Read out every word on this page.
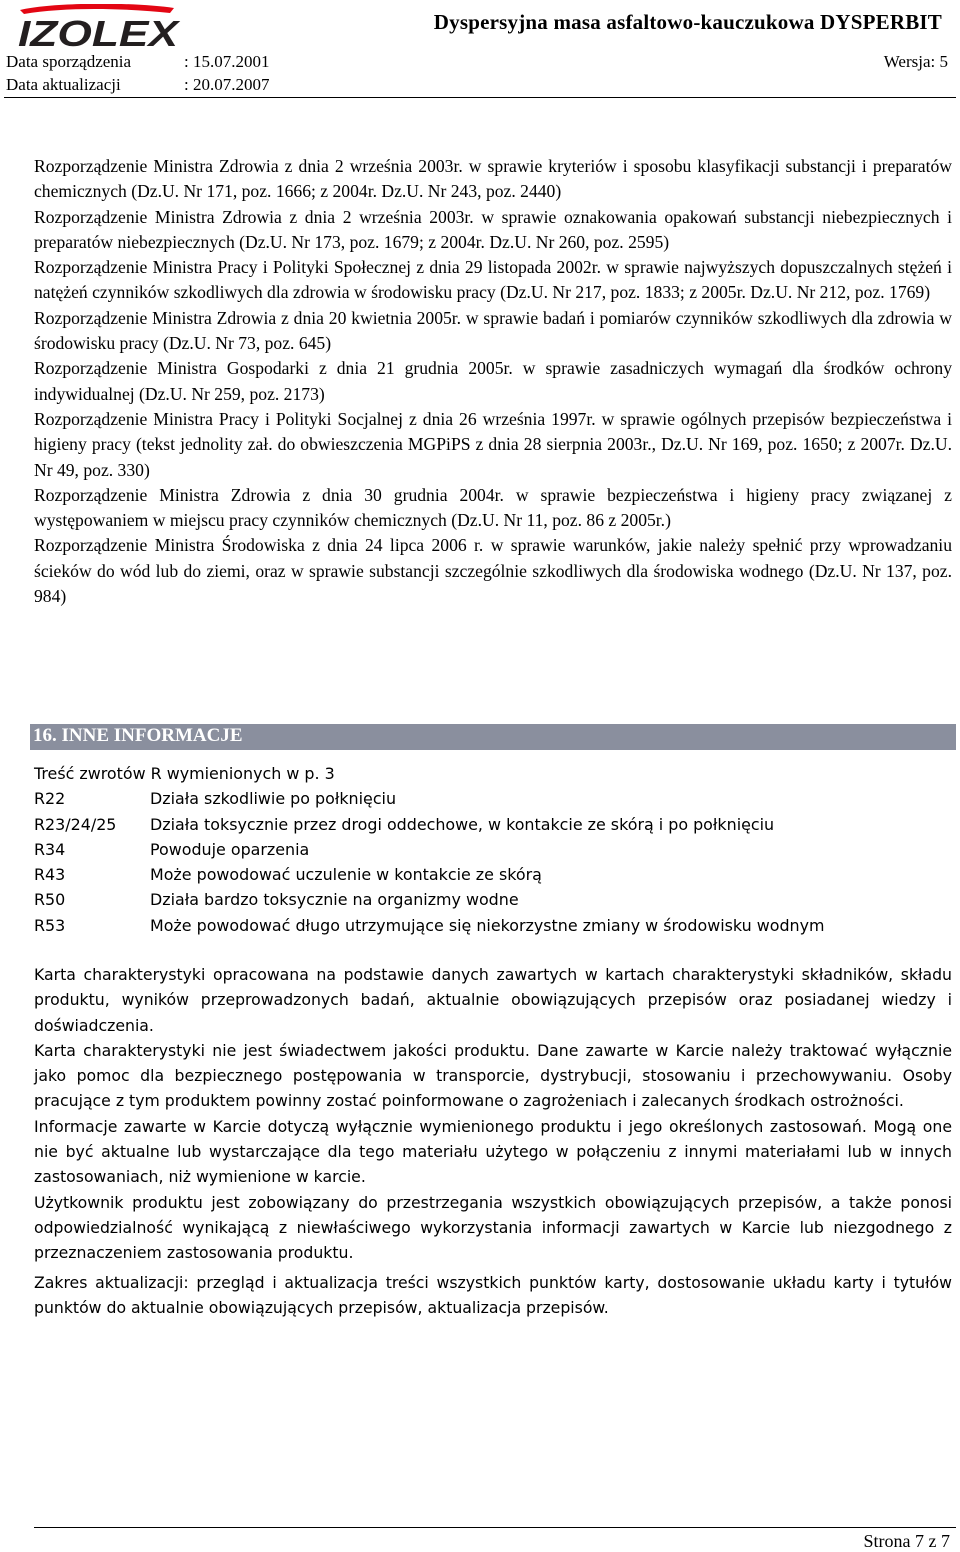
IZOLEX	Dyspersyjna masa asfaltowo-kauczukowa DYSPERBIT
Data sporządzenia	: 15.07.2001	Wersja: 5
Data aktualizacji	: 20.07.2007
Rozporządzenie Ministra Zdrowia z dnia 2 września 2003r. w sprawie kryteriów i sposobu klasyfikacji substancji i preparatów chemicznych (Dz.U. Nr 171, poz. 1666; z 2004r. Dz.U. Nr 243, poz. 2440)
Rozporządzenie Ministra Zdrowia z dnia 2 września 2003r. w sprawie oznakowania opakowań substancji niebezpiecznych i preparatów niebezpiecznych (Dz.U. Nr 173, poz. 1679; z 2004r. Dz.U. Nr 260, poz. 2595)
Rozporządzenie Ministra Pracy i Polityki Społecznej z dnia 29 listopada 2002r. w sprawie najwyższych dopuszczalnych stężeń i natężeń czynników szkodliwych dla zdrowia w środowisku pracy (Dz.U. Nr 217, poz. 1833; z 2005r. Dz.U. Nr 212, poz. 1769)
Rozporządzenie Ministra Zdrowia z dnia 20 kwietnia 2005r. w sprawie badań i pomiarów czynników szkodliwych dla zdrowia w środowisku pracy (Dz.U. Nr 73, poz. 645)
Rozporządzenie Ministra Gospodarki z dnia 21 grudnia 2005r. w sprawie zasadniczych wymagań dla środków ochrony indywidualnej (Dz.U. Nr 259, poz. 2173)
Rozporządzenie Ministra Pracy i Polityki Socjalnej z dnia 26 września 1997r. w sprawie ogólnych przepisów bezpieczeństwa i higieny pracy (tekst jednolity zał. do obwieszczenia MGPiPS z dnia 28 sierpnia 2003r., Dz.U. Nr 169, poz. 1650; z 2007r. Dz.U. Nr 49, poz. 330)
Rozporządzenie Ministra Zdrowia z dnia 30 grudnia 2004r. w sprawie bezpieczeństwa i higieny pracy związanej z występowaniem w miejscu pracy czynników chemicznych (Dz.U. Nr 11, poz. 86 z 2005r.)
Rozporządzenie Ministra Środowiska z dnia 24 lipca 2006 r. w sprawie warunków, jakie należy spełnić przy wprowadzaniu ścieków do wód lub do ziemi, oraz w sprawie substancji szczególnie szkodliwych dla środowiska wodnego (Dz.U. Nr 137, poz. 984)
16. INNE INFORMACJE
Treść zwrotów R wymienionych w p. 3
R22	Działa szkodliwie po połknięciu
R23/24/25	Działa toksycznie przez drogi oddechowe, w kontakcie ze skórą i po połknięciu
R34	Powoduje oparzenia
R43	Może powodować uczulenie w kontakcie ze skórą
R50	Działa bardzo toksycznie na organizmy wodne
R53	Może powodować długo utrzymujące się niekorzystne zmiany w środowisku wodnym
Karta charakterystyki opracowana na podstawie danych zawartych w kartach charakterystyki składników, składu produktu, wyników przeprowadzonych badań, aktualnie obowiązujących przepisów oraz posiadanej wiedzy i doświadczenia.
Karta charakterystyki nie jest świadectwem jakości produktu. Dane zawarte w Karcie należy traktować wyłącznie jako pomoc dla bezpiecznego postępowania w transporcie, dystrybucji, stosowaniu i przechowywaniu. Osoby pracujące z tym produktem powinny zostać poinformowane o zagrożeniach i zalecanych środkach ostrożności.
Informacje zawarte w Karcie dotyczą wyłącznie wymienionego produktu i jego określonych zastosowań. Mogą one nie być aktualne lub wystarczające dla tego materiału użytego w połączeniu z innymi materiałami lub w innych zastosowaniach, niż wymienione w karcie.
Użytkownik produktu jest zobowiązany do przestrzegania wszystkich obowiązujących przepisów, a także ponosi odpowiedzialność wynikającą z niewłaściwego wykorzystania informacji zawartych w Karcie lub niezgodnego z przeznaczeniem zastosowania produktu.
Zakres aktualizacji: przegląd i aktualizacja treści wszystkich punktów karty, dostosowanie układu karty i tytułów punktów do aktualnie obowiązujących przepisów, aktualizacja przepisów.
Strona 7 z 7
